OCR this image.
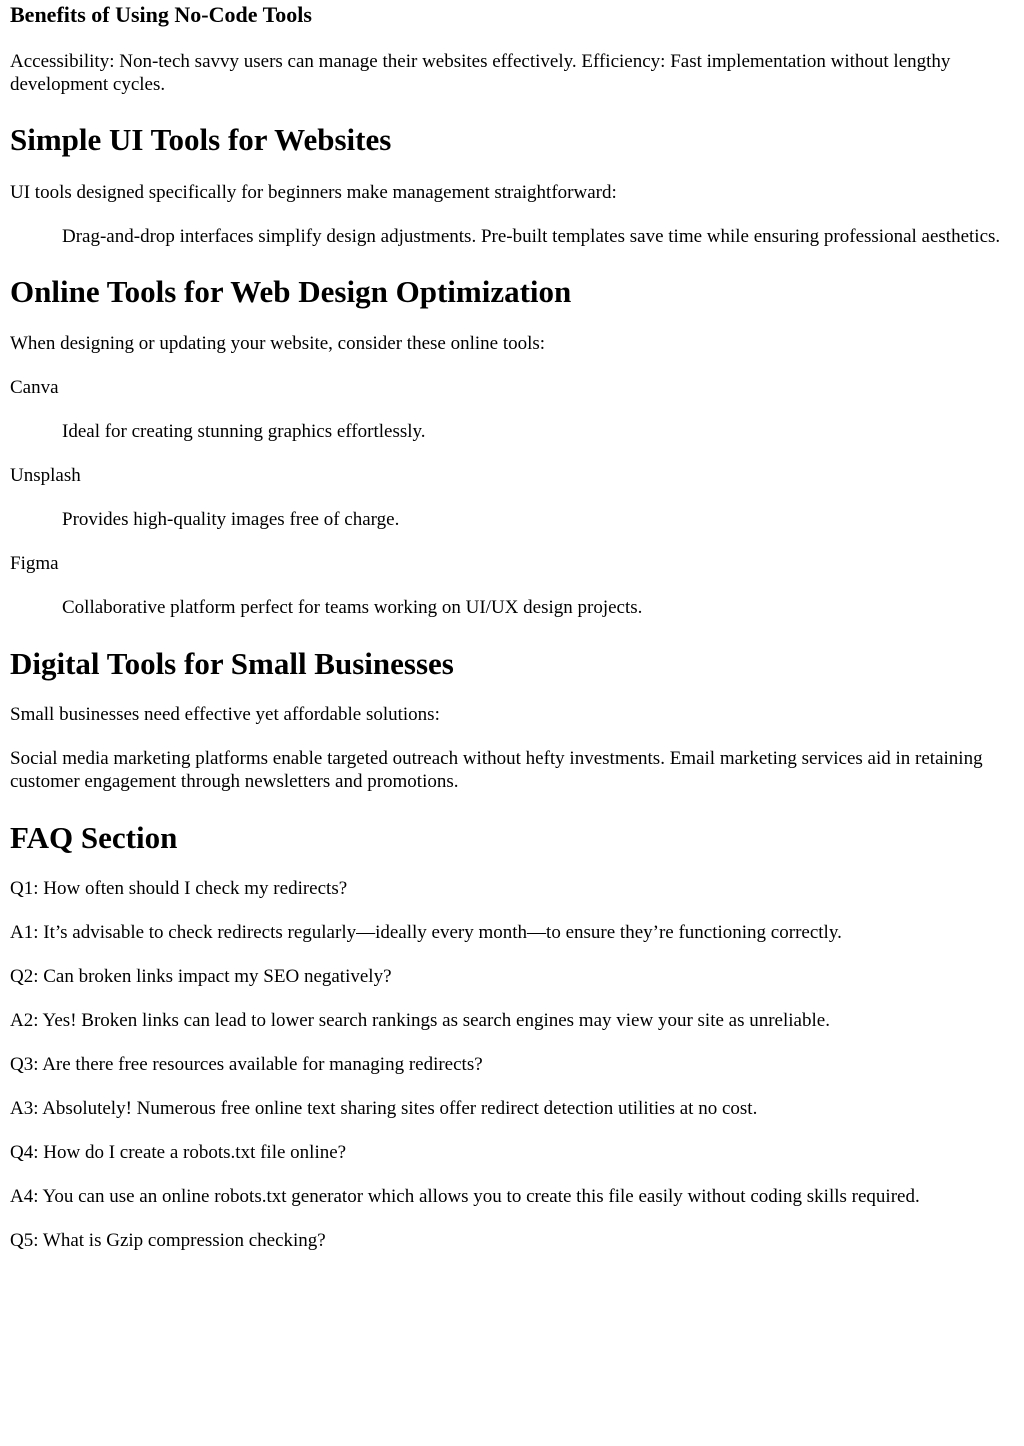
Benefits of Using No-Code Tools

Accessibility: Non-tech savvy users can manage their websites effectively. Efficiency: Fast implementation without lengthy development cycles.

Simple UI Tools for Websites

UI tools designed specifically for beginners make management straightforward:

Drag-and-drop interfaces simplify design adjustments. Pre-built templates save time while ensuring professional aesthetics.

Online Tools for Web Design Optimization

When designing or updating your website, consider these online tools:

Canva

Ideal for creating stunning graphics effortlessly.

Unsplash

Provides high-quality images free of charge.

Figma

Collaborative platform perfect for teams working on UI/UX design projects.

Digital Tools for Small Businesses

Small businesses need effective yet affordable solutions:

Social media marketing platforms enable targeted outreach without hefty investments. Email marketing services aid in retaining customer engagement through newsletters and promotions.

FAQ Section

Q1: How often should I check my redirects?

A1: It’s advisable to check redirects regularly—ideally every month—to ensure they’re functioning correctly.

Q2: Can broken links impact my SEO negatively?

A2: Yes! Broken links can lead to lower search rankings as search engines may view your site as unreliable.

Q3: Are there free resources available for managing redirects?

A3: Absolutely! Numerous free online text sharing sites offer redirect detection utilities at no cost.

Q4: How do I create a robots.txt file online?

A4: You can use an online robots.txt generator which allows you to create this file easily without coding skills required.

Q5: What is Gzip compression checking?
